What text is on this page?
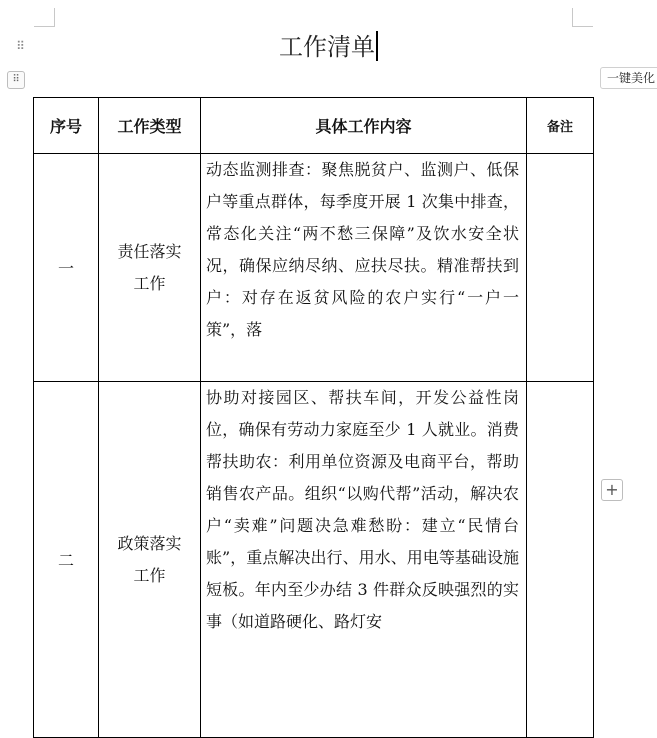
⠿	工作清单
⠿	一键美化
+
序号	工作类型	具体工作内容	备注
一	责任落实工作	动态监测排查：聚焦脱贫户、监测户、低保户等重点群体，每季度开展 1 次集中排查，常态化关注“两不愁三保障”及饮水安全状况，确保应纳尽纳、应扶尽扶。精准帮扶到户：对存在返贫风险的农户实行“一户一策”，落	

二	政策落实工作	协助对接园区、帮扶车间，开发公益性岗位，确保有劳动力家庭至少 1 人就业。消费帮扶助农：利用单位资源及电商平台，帮助销售农产品。组织“以购代帮”活动，解决农户“卖难”问题决急难愁盼：建立“民情台账”，重点解决出行、用水、用电等基础设施短板。年内至少办结 3 件群众反映强烈的实事（如道路硬化、路灯安	
